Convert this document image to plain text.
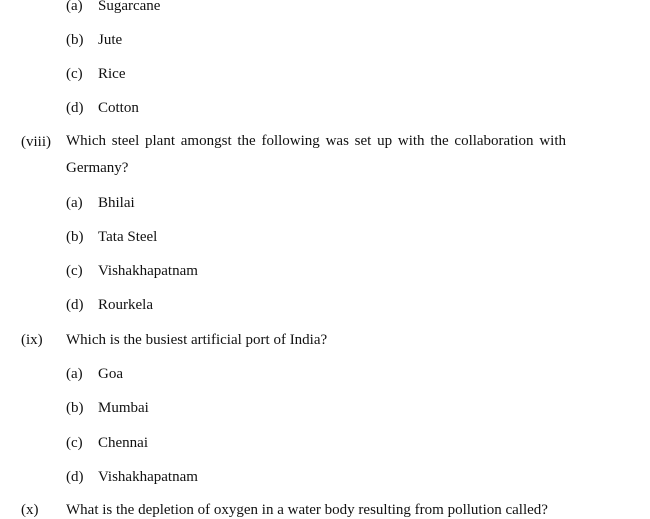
(a) Sugarcane
(b) Jute
(c) Rice
(d) Cotton
(viii) Which steel plant amongst the following was set up with the collaboration with
Germany?
(a) Bhilai
(b) Tata Steel
(c) Vishakhapatnam
(d) Rourkela
(ix) Which is the busiest artificial port of India?
(a) Goa
(b) Mumbai
(c) Chennai
(d) Vishakhapatnam
(x) What is the depletion of oxygen in a water body resulting from pollution called?
